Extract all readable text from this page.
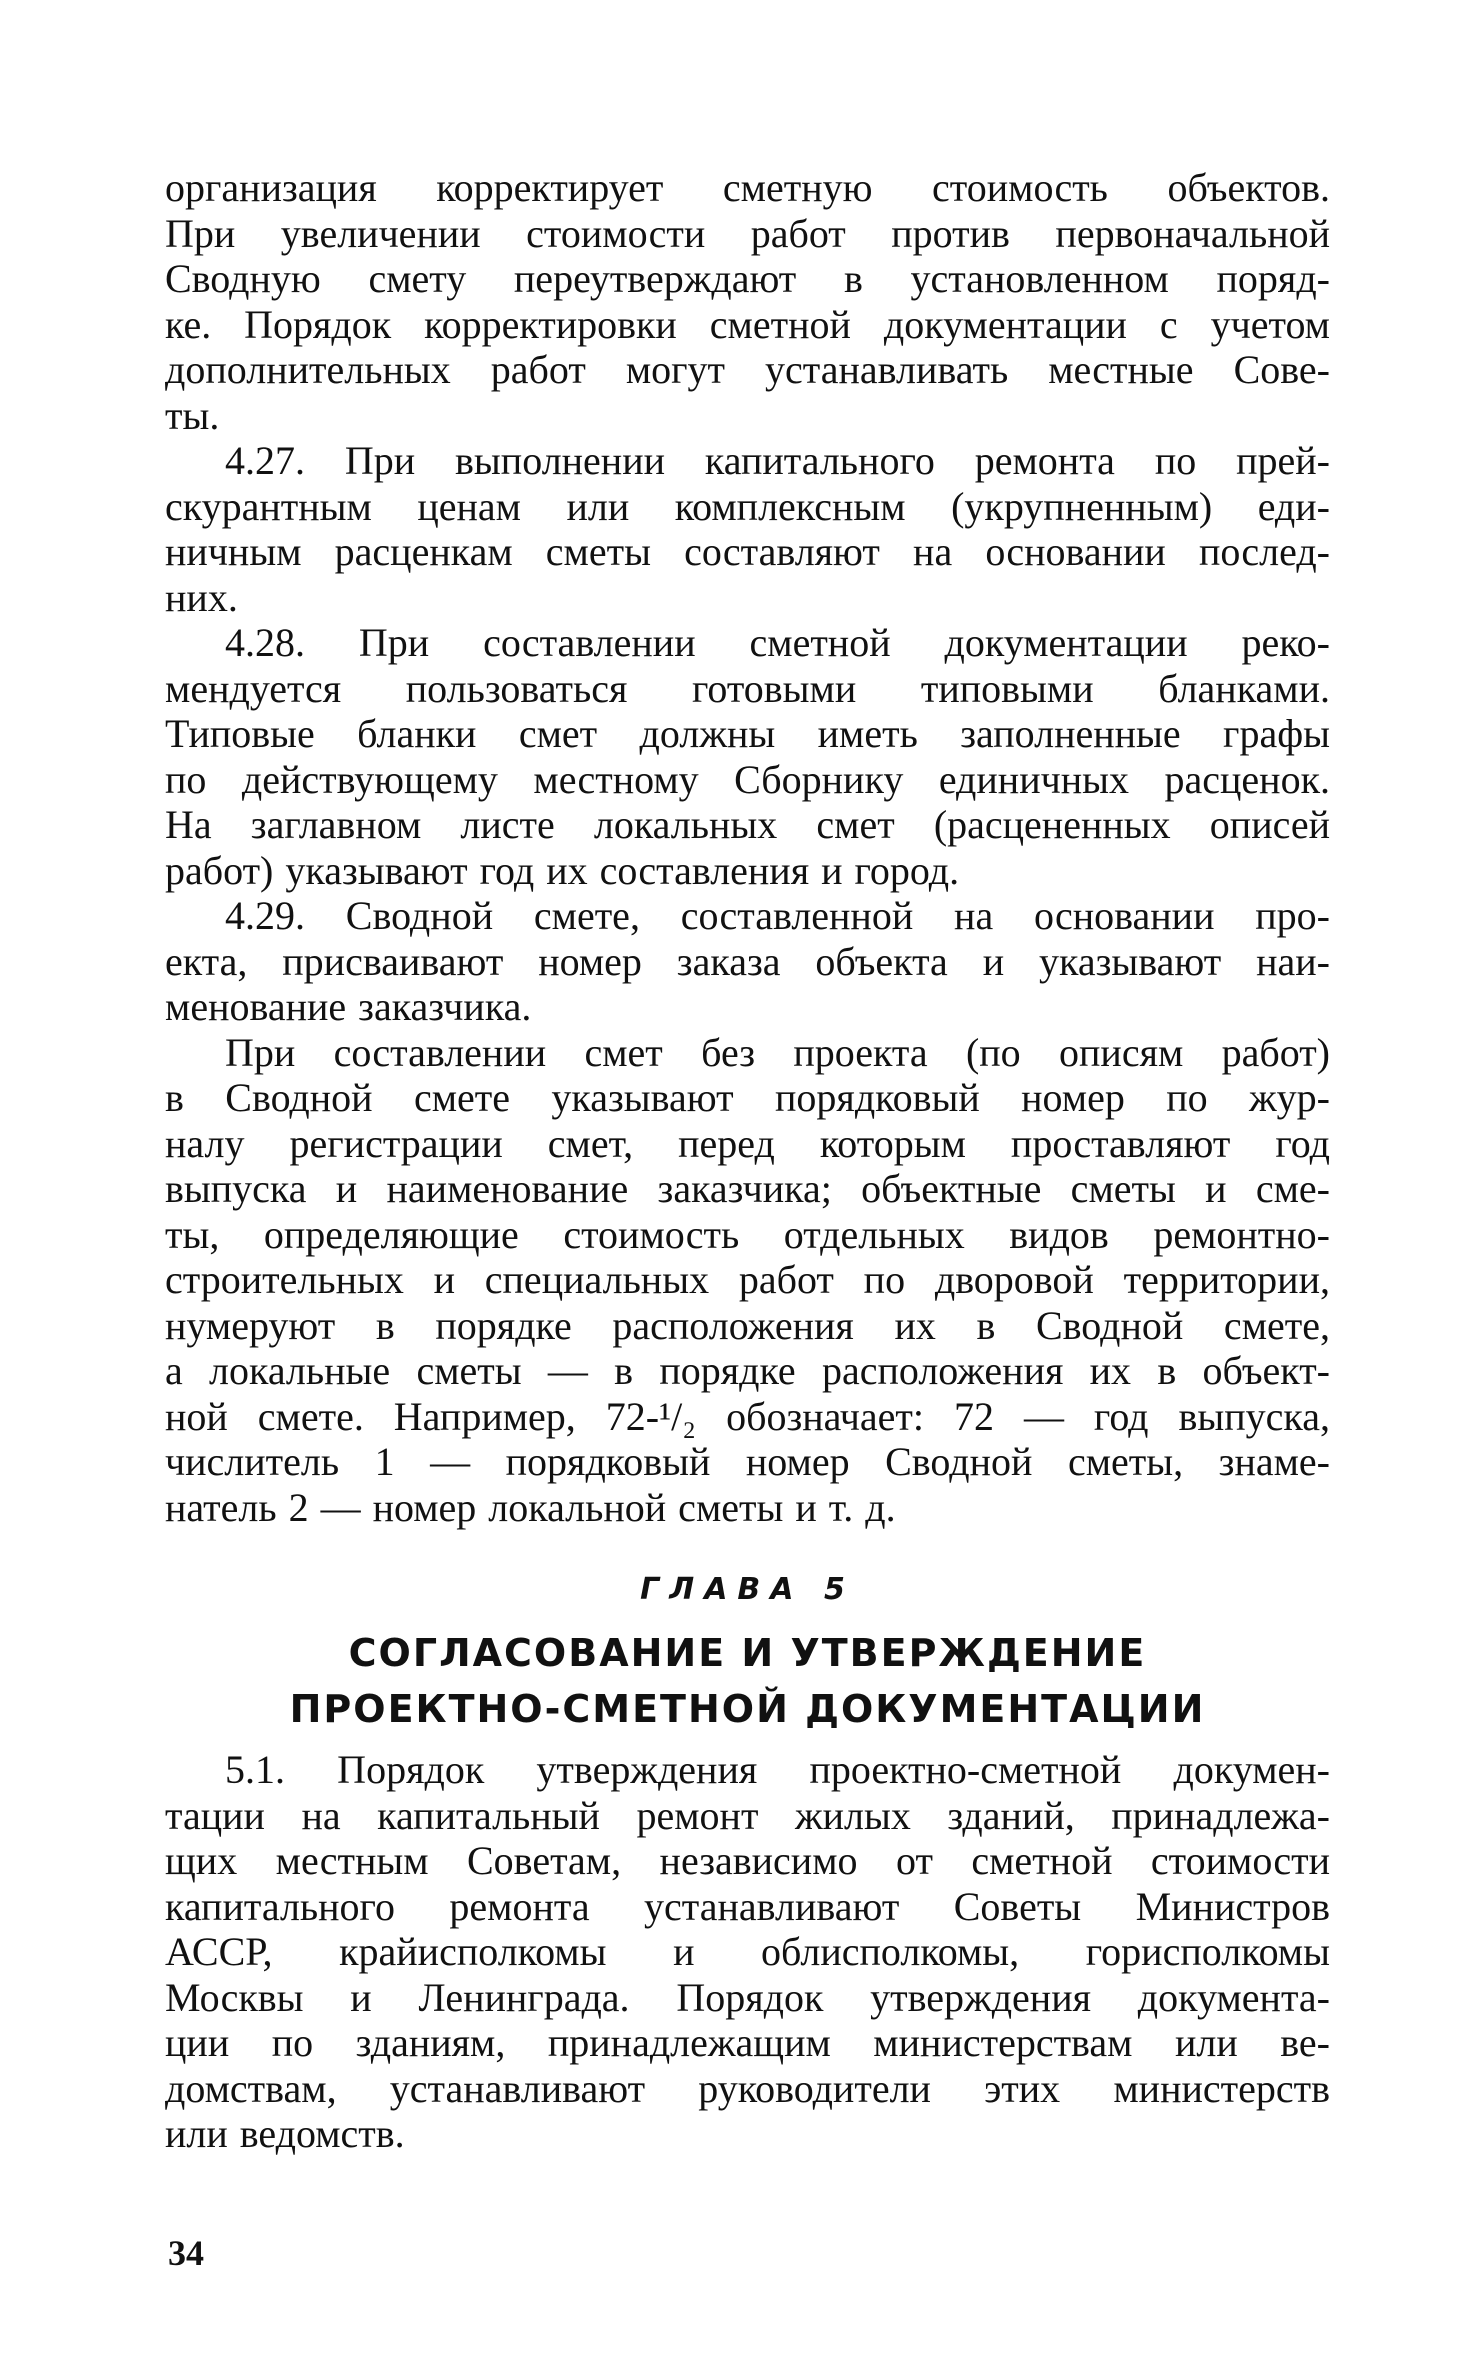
организация корректирует сметную стоимость объектов.
При увеличении стоимости работ против первоначальной
Сводную смету переутверждают в установленном поряд-
ке. Порядок корректировки сметной документации с учетом
дополнительных работ могут устанавливать местные Сове-
ты.
4.27. При выполнении капитального ремонта по прей-
скурантным ценам или комплексным (укрупненным) еди-
ничным расценкам сметы составляют на основании послед-
них.
4.28. При составлении сметной документации реко-
мендуется пользоваться готовыми типовыми бланками.
Типовые бланки смет должны иметь заполненные графы
по действующему местному Сборнику единичных расценок.
На заглавном листе локальных смет (расцененных описей
работ) указывают год их составления и город.
4.29. Сводной смете, составленной на основании про-
екта, присваивают номер заказа объекта и указывают наи-
менование заказчика.
При составлении смет без проекта (по описям работ)
в Сводной смете указывают порядковый номер по жур-
налу регистрации смет, перед которым проставляют год
выпуска и наименование заказчика; объектные сметы и сме-
ты, определяющие стоимость отдельных видов ремонтно-
строительных и специальных работ по дворовой территории,
нумеруют в порядке расположения их в Сводной смете,
а локальные сметы — в порядке расположения их в объект-
ной смете. Например, 72-¹/₂ обозначает: 72 — год выпуска,
числитель 1 — порядковый номер Сводной сметы, знаме-
натель 2 — номер локальной сметы и т. д.
ГЛАВА 5
СОГЛАСОВАНИЕ И УТВЕРЖДЕНИЕ
ПРОЕКТНО-СМЕТНОЙ ДОКУМЕНТАЦИИ
5.1. Порядок утверждения проектно-сметной докумен-
тации на капитальный ремонт жилых зданий, принадлежа-
щих местным Советам, независимо от сметной стоимости
капитального ремонта устанавливают Советы Министров
АССР, крайисполкомы и облисполкомы, горисполкомы
Москвы и Ленинграда. Порядок утверждения документа-
ции по зданиям, принадлежащим министерствам или ве-
домствам, устанавливают руководители этих министерств
или ведомств.
34
